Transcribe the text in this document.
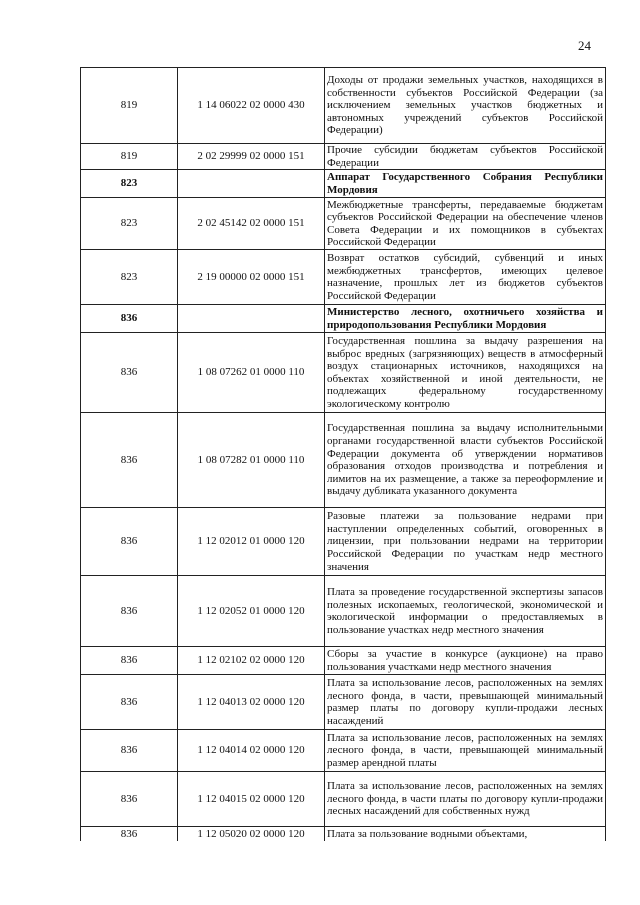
24
819	1 14 06022 02 0000 430	Доходы от продажи земельных участков, находящихся в собственности субъектов Российской Федерации (за исключением земельных участков бюджетных и автономных учреждений субъектов Российской Федерации)
819	2 02 29999 02 0000 151	Прочие субсидии бюджетам субъектов Российской Федерации
823		Аппарат Государственного Собрания Республики Мордовия
823	2 02 45142 02 0000 151	Межбюджетные трансферты, передаваемые бюджетам субъектов Российской Федерации на обеспечение членов Совета Федерации и их помощников в субъектах Российской Федерации
823	2 19 00000 02 0000 151	Возврат остатков субсидий, субвенций и иных межбюджетных трансфертов, имеющих целевое назначение, прошлых лет из бюджетов субъектов Российской Федерации
836		Министерство лесного, охотничьего хозяйства и природопользования Республики Мордовия
836	1 08 07262 01 0000 110	Государственная пошлина за выдачу разрешения на выброс вредных (загрязняющих) веществ в атмосферный воздух стационарных источников, находящихся на объектах хозяйственной и иной деятельности, не подлежащих федеральному государственному экологическому контролю
836	1 08 07282 01 0000 110	Государственная пошлина за выдачу исполнительными органами государственной власти субъектов Российской Федерации документа об утверждении нормативов образования отходов производства и потребления и лимитов на их размещение, а также за переоформление и выдачу дубликата указанного документа
836	1 12 02012 01 0000 120	Разовые платежи за пользование недрами при наступлении определенных событий, оговоренных в лицензии, при пользовании недрами на территории Российской Федерации по участкам недр местного значения
836	1 12 02052 01 0000 120	Плата за проведение государственной экспертизы запасов полезных ископаемых, геологической, экономической и экологической информации о предоставляемых в пользование участках недр местного значения
836	1 12 02102 02 0000 120	Сборы за участие в конкурсе (аукционе) на право пользования участками недр местного значения
836	1 12 04013 02 0000 120	Плата за использование лесов, расположенных на землях лесного фонда, в части, превышающей минимальный размер платы по договору купли-продажи лесных насаждений
836	1 12 04014 02 0000 120	Плата за использование лесов, расположенных на землях лесного фонда, в части, превышающей минимальный размер арендной платы
836	1 12 04015 02 0000 120	Плата за использование лесов, расположенных на землях лесного фонда, в части платы по договору купли-продажи лесных насаждений для собственных нужд
836	1 12 05020 02 0000 120	Плата за пользование водными объектами,
